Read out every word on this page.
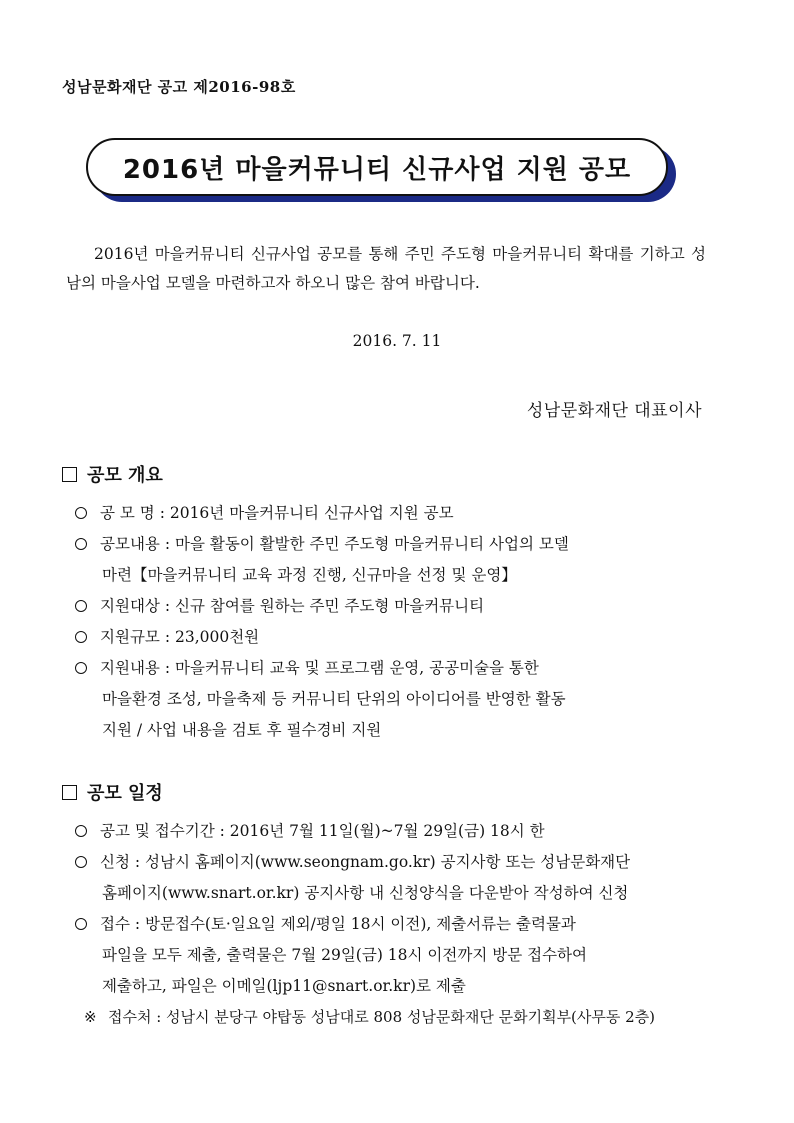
성남문화재단 공고 제2016-98호
2016년 마을커뮤니티 신규사업 지원 공모
2016년 마을커뮤니티 신규사업 공모를 통해 주민 주도형 마을커뮤니티 확대를 기하고 성남의 마을사업 모델을 마련하고자 하오니 많은 참여 바랍니다.
2016. 7. 11
성남문화재단 대표이사
공모 개요
공 모 명 : 2016년 마을커뮤니티 신규사업 지원 공모
공모내용 : 마을 활동이 활발한 주민 주도형 마을커뮤니티 사업의 모델
마련【마을커뮤니티 교육 과정 진행, 신규마을 선정 및 운영】
지원대상 : 신규 참여를 원하는 주민 주도형 마을커뮤니티
지원규모 : 23,000천원
지원내용 : 마을커뮤니티 교육 및 프로그램 운영, 공공미술을 통한
마을환경 조성, 마을축제 등 커뮤니티 단위의 아이디어를 반영한 활동
지원 / 사업 내용을 검토 후 필수경비 지원
공모 일정
공고 및 접수기간 : 2016년 7월 11일(월)~7월 29일(금) 18시 한
신청 : 성남시 홈페이지(www.seongnam.go.kr) 공지사항 또는 성남문화재단
홈페이지(www.snart.or.kr) 공지사항 내 신청양식을 다운받아 작성하여 신청
접수 : 방문접수(토·일요일 제외/평일 18시 이전), 제출서류는 출력물과
파일을 모두 제출, 출력물은 7월 29일(금) 18시 이전까지 방문 접수하여
제출하고, 파일은 이메일(ljp11@snart.or.kr)로 제출
※ 접수처 : 성남시 분당구 야탑동 성남대로 808 성남문화재단 문화기획부(사무동 2층)
